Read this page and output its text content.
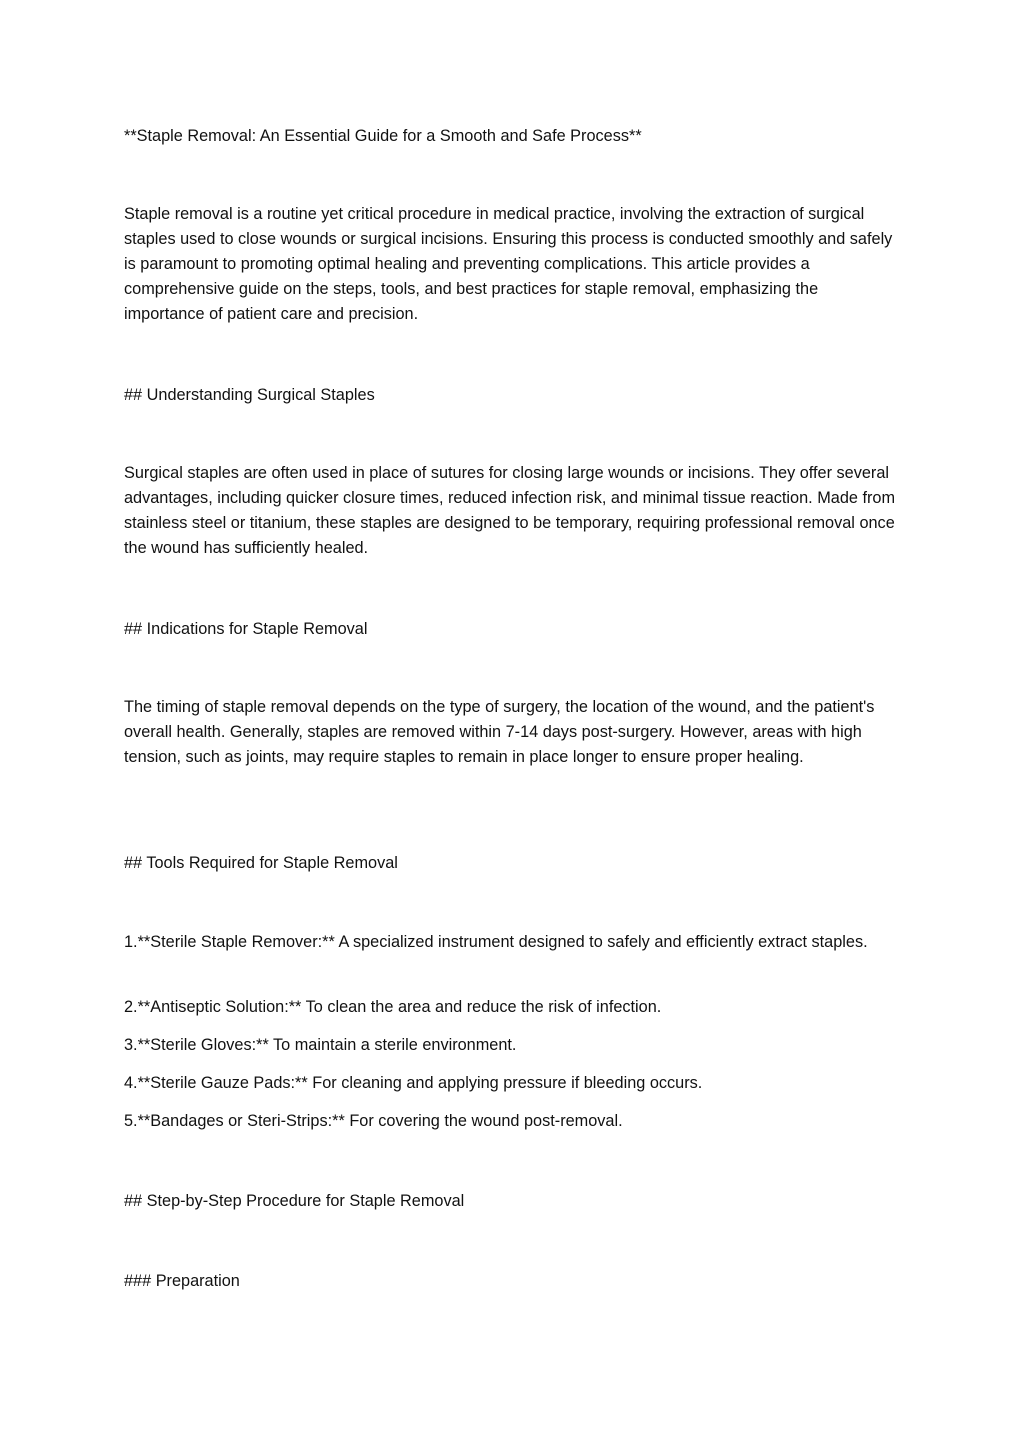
**Staple Removal: An Essential Guide for a Smooth and Safe Process**

Staple removal is a routine yet critical procedure in medical practice, involving the extraction of surgical staples used to close wounds or surgical incisions. Ensuring this process is conducted smoothly and safely is paramount to promoting optimal healing and preventing complications. This article provides a comprehensive guide on the steps, tools, and best practices for staple removal, emphasizing the importance of patient care and precision.

## Understanding Surgical Staples

Surgical staples are often used in place of sutures for closing large wounds or incisions. They offer several advantages, including quicker closure times, reduced infection risk, and minimal tissue reaction. Made from stainless steel or titanium, these staples are designed to be temporary, requiring professional removal once the wound has sufficiently healed.

## Indications for Staple Removal

The timing of staple removal depends on the type of surgery, the location of the wound, and the patient's overall health. Generally, staples are removed within 7-14 days post-surgery. However, areas with high tension, such as joints, may require staples to remain in place longer to ensure proper healing.

## Tools Required for Staple Removal

1.**Sterile Staple Remover:** A specialized instrument designed to safely and efficiently extract staples.

2.**Antiseptic Solution:** To clean the area and reduce the risk of infection.

3.**Sterile Gloves:** To maintain a sterile environment.

4.**Sterile Gauze Pads:** For cleaning and applying pressure if bleeding occurs.

5.**Bandages or Steri-Strips:** For covering the wound post-removal.

## Step-by-Step Procedure for Staple Removal

### Preparation
